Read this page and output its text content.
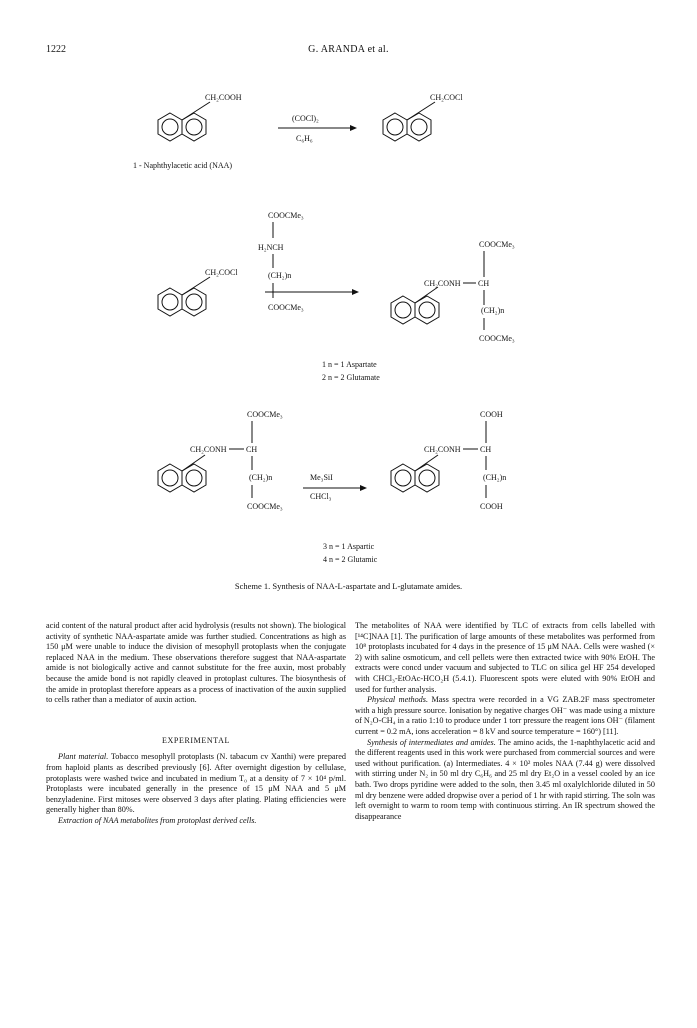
1222	G. ARANDA et al.
CH₂COOH
1 - Naphthylacetic acid (NAA)
(COCl)₂
C₆H₆
CH₂COCl
CH₂COCl
COOCMe₃
H₂NCH
(CH₂)n
COOCMe₃
CH₂CONH CH
COOCMe₃
(CH₂)n
COOCMe₃
1 n = 1 Aspartate
2 n = 2 Glutamate
CH₂CONH CH
COOCMe₃
(CH₂)n
COOCMe₃
Me₃SiI
CHCl₃
CH₂CONH CH
COOH
(CH₂)n
COOH
3 n = 1 Aspartic
4 n = 2 Glutamic
Scheme 1. Synthesis of NAA-L-aspartate and L-glutamate amides.

acid content of the natural product after acid hydrolysis (results not shown). The biological activity of synthetic NAA-aspartate amide was further studied. Concentrations as high as 150 μM were unable to induce the division of mesophyll protoplasts when the conjugate replaced NAA in the medium. These observations therefore suggest that NAA-aspartate amide is not biologically active and cannot substitute for the free auxin, most probably because the amide bond is not rapidly cleaved in protoplast cultures. The biosynthesis of the amide in protoplast therefore appears as a process of inactivation of the auxin supplied to cells rather than a mediator of auxin action.

EXPERIMENTAL

Plant material. Tobacco mesophyll protoplasts (N. tabacum cv Xanthi) were prepared from haploid plants as described previously [6]. After overnight digestion by cellulase, protoplasts were washed twice and incubated in medium T₀ at a density of 7 × 10⁴ p/ml. Protoplasts were incubated generally in the presence of 15 μM NAA and 5 μM benzyladenine. First mitoses were observed 3 days after plating. Plating efficiencies were generally higher than 80%.

Extraction of NAA metabolites from protoplast derived cells.

The metabolites of NAA were identified by TLC of extracts from cells labelled with [¹⁴C]NAA [1]. The purification of large amounts of these metabolites was performed from 10⁸ protoplasts incubated for 4 days in the presence of 15 μM NAA. Cells were washed (× 2) with saline osmoticum, and cell pellets were then extracted twice with 90% EtOH. The extracts were concd under vacuum and subjected to TLC on silica gel HF 254 developed with CHCl₃-EtOAc-HCO₂H (5.4.1). Fluorescent spots were eluted with 90% EtOH and used for further analysis.

Physical methods. Mass spectra were recorded in a VG ZAB.2F mass spectrometer with a high pressure source. Ionisation by negative charges OH⁻ was made using a mixture of N₂O-CH₄ in a ratio 1:10 to produce under 1 torr pressure the reagent ions OH⁻ (filament current = 0.2 mA, ions acceleration = 8 kV and source temperature = 160°) [11].

Synthesis of intermediates and amides. The amino acids, the 1-naphthylacetic acid and the different reagents used in this work were purchased from commercial sources and were used without purification. (a) Intermediates. 4 × 10² moles NAA (7.44 g) were dissolved with stirring under N₂ in 50 ml dry C₆H₆ and 25 ml dry Et₂O in a vessel cooled by an ice bath. Two drops pyridine were added to the soln, then 3.45 ml oxalylchloride diluted in 50 ml dry benzene were added dropwise over a period of 1 hr with rapid stirring. The soln was left overnight to warm to room temp with continuous stirring. An IR spectrum showed the disappearance
